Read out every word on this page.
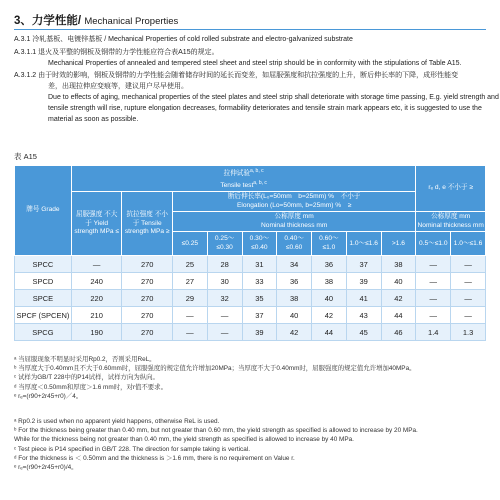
3、力学性能/ Mechanical Properties
A.3.1 冷轧基板、电镀锌基板 / Mechanical Properties of cold rolled substrate and electro-galvanized substrate
A.3.1.1 退火及平整的钢板及钢带的力学性能应符合表A15的规定。
Mechanical Properties of annealed and tempered steel sheet and steel strip should be in conformity with the stipulations of Table A15.
A.3.1.2 由于时效的影响，钢板及钢带的力学性能会随着储存时间的延长而变差，如屈服强度和抗拉强度的上升，断后伸长率的下降，成形性能变
差，出现拉伸应变痕等，建议用户尽早使用。
Due to effects of aging, mechanical properties of the steel plates and steel strip shall deteriorate with storage time passing, E.g. yield strength and
tensile strength will rise, rupture elongation decreases, formability deteriorates and tensile strain mark appears etc, it is suggested to use the
material as soon as possible.
表 A15
牌号 Grade	拉伸试验$^{a, b, c}$
Tensile test$^{a, b, c}$									rₑ d, e 不小于 ≥	
	屈服强度 不大于 Yield strength MPa ≤	抗拉强度 不小于 Tensile strength MPa ≥	断后伸长率(L₀=50mm　b=25mm) %　不小于
Elongation (Lo=50mm, b=25mm) %　≥								
			公称厚度 mm
Nominal thickness mm							公称厚度 mm
Nominal thickness mm	
			≤0.25	0.25～≤0.30	0.30～≤0.40	0.40～≤0.60	0.60～≤1.0	1.0～≤1.6	>1.6	0.5～≤1.0	1.0～≤1.6
SPCC	—	270	25	28	31	34	36	37	38	—	—
SPCD	240	270	27	30	33	36	38	39	40	—	—
SPCE	220	270	29	32	35	38	40	41	42	—	—
SPCF (SPCEN)	210	270	—	—	37	40	42	43	44	—	—
SPCG	190	270	—	—	39	42	44	45	46	1.4	1.3
ᵃ 当屈服现象不明显时采用Rp0.2，否则采用ReL。
ᵇ 当厚度大于0.40mm且不大于0.60mm时，屈服强度的规定值允许增加20MPa；当厚度不大于0.40mm时，屈服强度的规定值允许增加40MPa。
ᶜ 试样为GB/T 228中的P14试样，试样方向为纵向。
ᵈ 当厚度＜0.50mm和厚度＞1.6 mm时，对r值不要求。
ᵉ rₑ=(r90+2r45+r0)／4。
ᵃ Rp0.2 is used when no apparent yield happens, otherwise ReL is used.
ᵇ For the thickness being greater than 0.40 mm, but not greater than 0.60 mm, the yield strength as specified is allowed to increase by 20 MPa.
While for the thickness being not greater than 0.40 mm, the yield strength as specified is allowed to increase by 40 MPa.
ᶜ Test piece is P14 specified in GB/T 228. The direction for sample taking is vertical.
ᵈ For the thickness is ＜ 0.50mm and the thickness is ＞1.6 mm, there is no requirement on Value r.
ᵉ rₑ=(r90+2r45+r0)/4。
